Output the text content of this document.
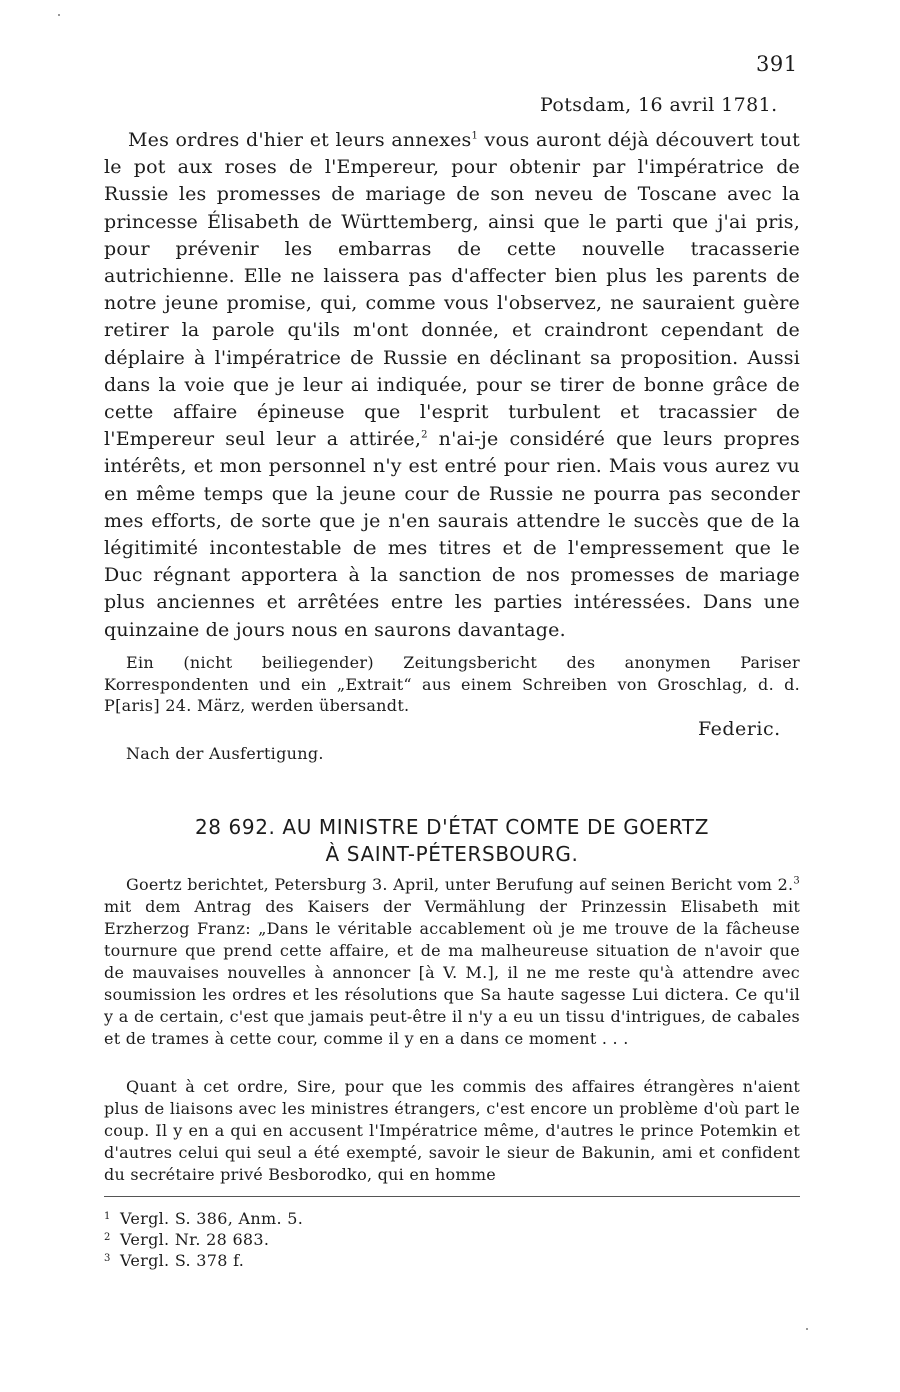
391
Potsdam, 16 avril 1781.
Mes ordres d'hier et leurs annexes$^1$ vous auront déjà découvert tout le pot aux roses de l'Empereur, pour obtenir par l'impératrice de Russie les promesses de mariage de son neveu de Toscane avec la princesse Élisabeth de Württemberg, ainsi que le parti que j'ai pris, pour prévenir les embarras de cette nouvelle tracasserie autrichienne. Elle ne laissera pas d'affecter bien plus les parents de notre jeune promise, qui, comme vous l'observez, ne sauraient guère retirer la parole qu'ils m'ont donnée, et craindront cependant de déplaire à l'impératrice de Russie en déclinant sa proposition. Aussi dans la voie que je leur ai indiquée, pour se tirer de bonne grâce de cette affaire épineuse que l'esprit turbulent et tracassier de l'Empereur seul leur a attirée,$^2$ n'ai-je considéré que leurs propres intérêts, et mon personnel n'y est entré pour rien. Mais vous aurez vu en même temps que la jeune cour de Russie ne pourra pas seconder mes efforts, de sorte que je n'en saurais attendre le succès que de la légitimité incontestable de mes titres et de l'empressement que le Duc régnant apportera à la sanction de nos promesses de mariage plus anciennes et arrêtées entre les parties intéressées. Dans une quinzaine de jours nous en saurons davantage.
Ein (nicht beiliegender) Zeitungsbericht des anonymen Pariser Korrespondenten und ein „Extrait“ aus einem Schreiben von Groschlag, d. d. P[aris] 24. März, werden übersandt.
Federic.
Nach der Ausfertigung.
28 692. AU MINISTRE D'ÉTAT COMTE DE GOERTZ
À SAINT-PÉTERSBOURG.
Goertz berichtet, Petersburg 3. April, unter Berufung auf seinen Bericht vom 2.$^3$ mit dem Antrag des Kaisers der Vermählung der Prinzessin Elisabeth mit Erzherzog Franz: „Dans le véritable accablement où je me trouve de la fâcheuse tournure que prend cette affaire, et de ma malheureuse situation de n'avoir que de mauvaises nouvelles à annoncer [à V. M.], il ne me reste qu'à attendre avec soumission les ordres et les résolutions que Sa haute sagesse Lui dictera. Ce qu'il y a de certain, c'est que jamais peut-être il n'y a eu un tissu d'intrigues, de cabales et de trames à cette cour, comme il y en a dans ce moment . . .
Quant à cet ordre, Sire, pour que les commis des affaires étrangères n'aient plus de liaisons avec les ministres étrangers, c'est encore un problème d'où part le coup. Il y en a qui en accusent l'Impératrice même, d'autres le prince Potemkin et d'autres celui qui seul a été exempté, savoir le sieur de Bakunin, ami et confident du secrétaire privé Besborodko, qui en homme
1 Vergl. S. 386, Anm. 5.
2 Vergl. Nr. 28 683.
3 Vergl. S. 378 f.
